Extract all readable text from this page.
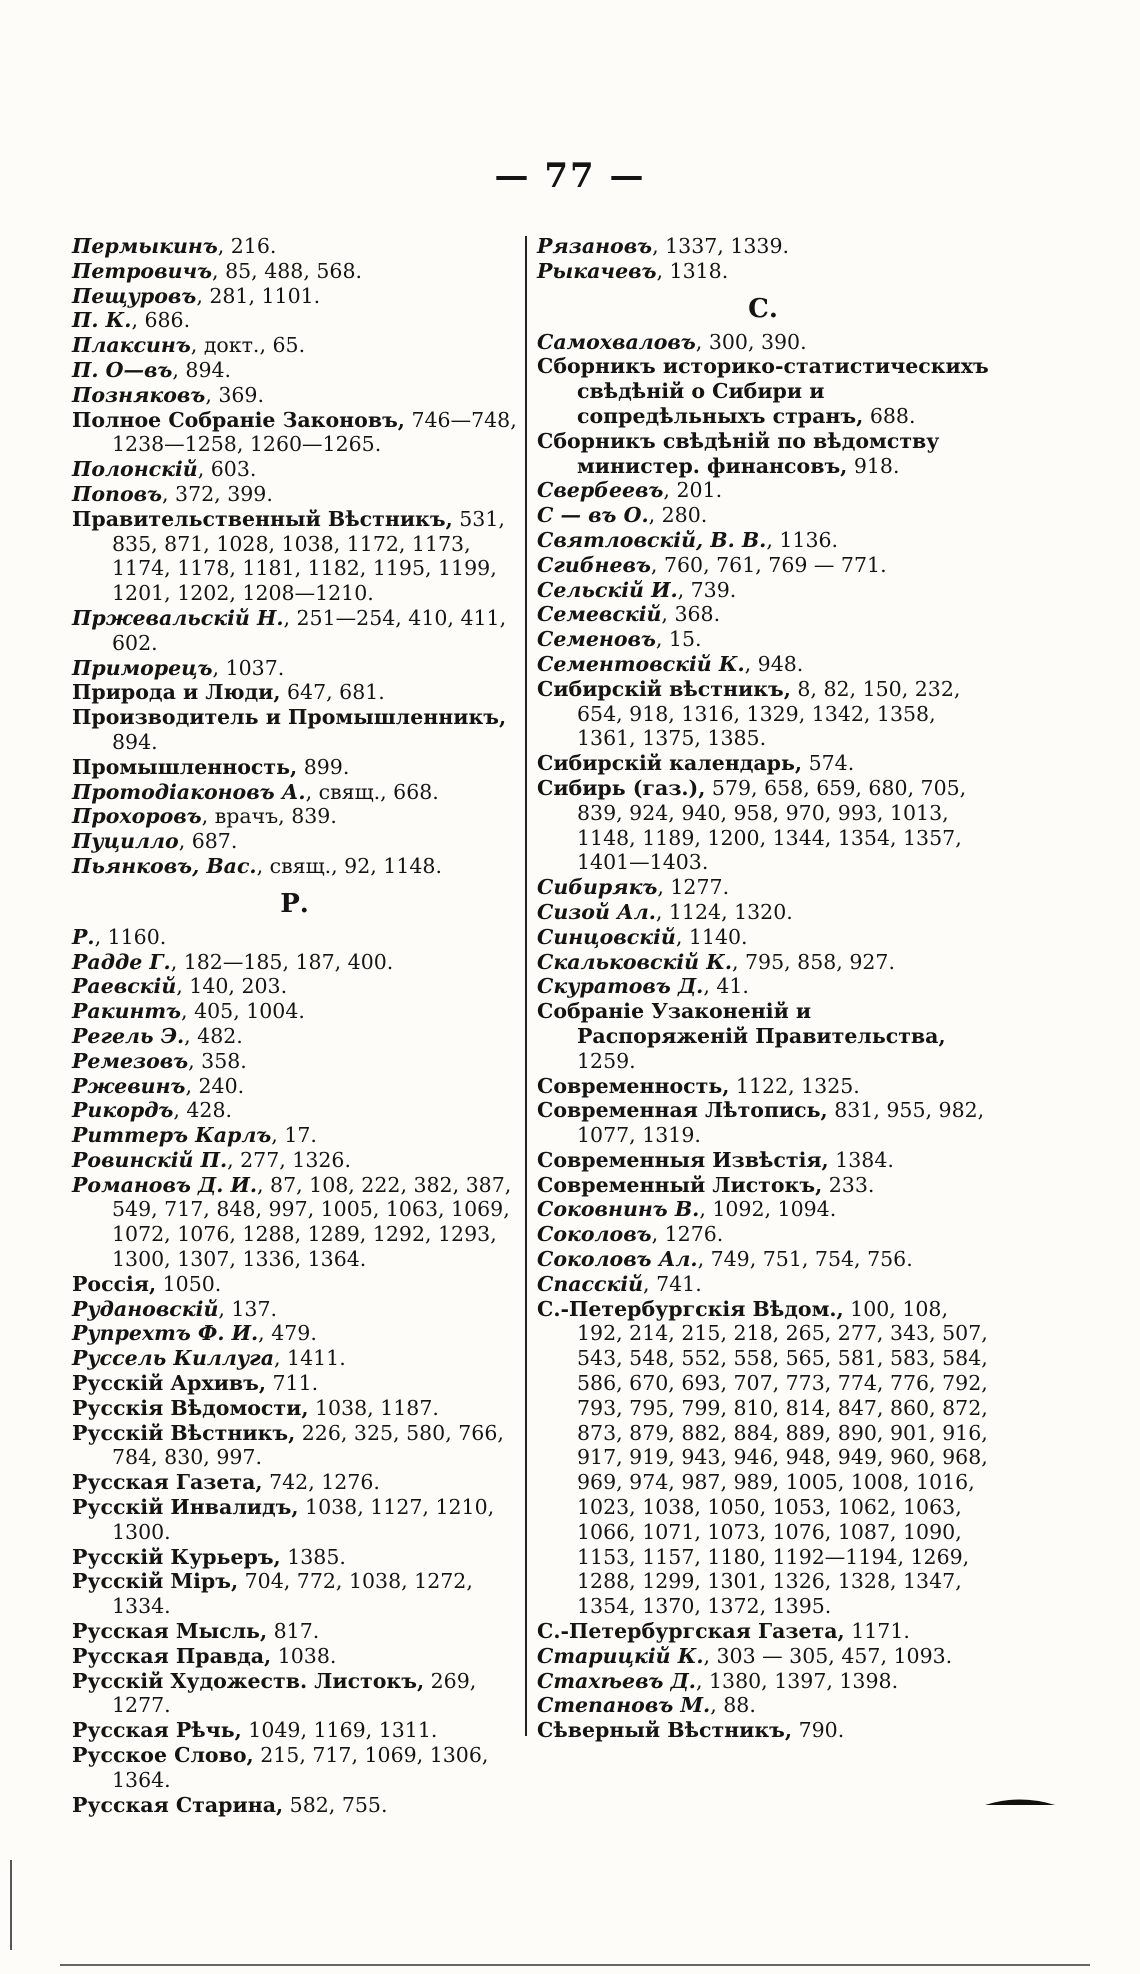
— 77 —
Пермыкинъ, 216.
Петровичъ, 85, 488, 568.
Пещуровъ, 281, 1101.
П. К., 686.
Плаксинъ, докт., 65.
П. О—въ, 894.
Позняковъ, 369.
Полное Собраніе Законовъ, 746—748, 1238—1258, 1260—1265.
Полонскій, 603.
Поповъ, 372, 399.
Правительственный Вѣстникъ, 531, 835, 871, 1028, 1038, 1172, 1173, 1174, 1178, 1181, 1182, 1195, 1199, 1201, 1202, 1208—1210.
Пржевальскій Н., 251—254, 410, 411, 602.
Приморецъ, 1037.
Природа и Люди, 647, 681.
Производитель и Промышленникъ, 894.
Промышленность, 899.
Протодіаконовъ А., свящ., 668.
Прохоровъ, врачъ, 839.
Пуцилло, 687.
Пьянковъ, Вас., свящ., 92, 1148.
Р.
Р., 1160.
Радде Г., 182—185, 187, 400.
Раевскій, 140, 203.
Ракинтъ, 405, 1004.
Регель Э., 482.
Ремезовъ, 358.
Ржевинъ, 240.
Рикордъ, 428.
Риттеръ Карлъ, 17.
Ровинскій П., 277, 1326.
Романовъ Д. И., 87, 108, 222, 382, 387, 549, 717, 848, 997, 1005, 1063, 1069, 1072, 1076, 1288, 1289, 1292, 1293, 1300, 1307, 1336, 1364.
Россія, 1050.
Рудановскій, 137.
Рупрехтъ Ф. И., 479.
Руссель Киллуга, 1411.
Русскій Архивъ, 711.
Русскія Вѣдомости, 1038, 1187.
Русскій Вѣстникъ, 226, 325, 580, 766, 784, 830, 997.
Русская Газета, 742, 1276.
Русскій Инвалидъ, 1038, 1127, 1210, 1300.
Русскій Курьеръ, 1385.
Русскій Міръ, 704, 772, 1038, 1272, 1334.
Русская Мысль, 817.
Русская Правда, 1038.
Русскій Художеств. Листокъ, 269, 1277.
Русская Рѣчь, 1049, 1169, 1311.
Русское Слово, 215, 717, 1069, 1306, 1364.
Русская Старина, 582, 755.
Рязановъ, 1337, 1339.
Рыкачевъ, 1318.
С.
Самохваловъ, 300, 390.
Сборникъ историко-статистическихъ свѣдѣній о Сибири и сопредѣльныхъ странъ, 688.
Сборникъ свѣдѣній по вѣдомству министер. финансовъ, 918.
Свербеевъ, 201.
С — въ О., 280.
Святловскій, В. В., 1136.
Сгибневъ, 760, 761, 769 — 771.
Сельскій И., 739.
Семевскій, 368.
Семеновъ, 15.
Сементовскій К., 948.
Сибирскій вѣстникъ, 8, 82, 150, 232, 654, 918, 1316, 1329, 1342, 1358, 1361, 1375, 1385.
Сибирскій календарь, 574.
Сибирь (газ.), 579, 658, 659, 680, 705, 839, 924, 940, 958, 970, 993, 1013, 1148, 1189, 1200, 1344, 1354, 1357, 1401—1403.
Сибирякъ, 1277.
Сизой Ал., 1124, 1320.
Синцовскій, 1140.
Скальковскій К., 795, 858, 927.
Скуратовъ Д., 41.
Собраніе Узаконеній и Распоряженій Правительства, 1259.
Современность, 1122, 1325.
Современная Лѣтопись, 831, 955, 982, 1077, 1319.
Современныя Извѣстія, 1384.
Современный Листокъ, 233.
Соковнинъ В., 1092, 1094.
Соколовъ, 1276.
Соколовъ Ал., 749, 751, 754, 756.
Спасскій, 741.
С.-Петербургскія Вѣдом., 100, 108, 192, 214, 215, 218, 265, 277, 343, 507, 543, 548, 552, 558, 565, 581, 583, 584, 586, 670, 693, 707, 773, 774, 776, 792, 793, 795, 799, 810, 814, 847, 860, 872, 873, 879, 882, 884, 889, 890, 901, 916, 917, 919, 943, 946, 948, 949, 960, 968, 969, 974, 987, 989, 1005, 1008, 1016, 1023, 1038, 1050, 1053, 1062, 1063, 1066, 1071, 1073, 1076, 1087, 1090, 1153, 1157, 1180, 1192—1194, 1269, 1288, 1299, 1301, 1326, 1328, 1347, 1354, 1370, 1372, 1395.
С.-Петербургская Газета, 1171.
Старицкій К., 303 — 305, 457, 1093.
Стахѣевъ Д., 1380, 1397, 1398.
Степановъ М., 88.
Сѣверный Вѣстникъ, 790.
